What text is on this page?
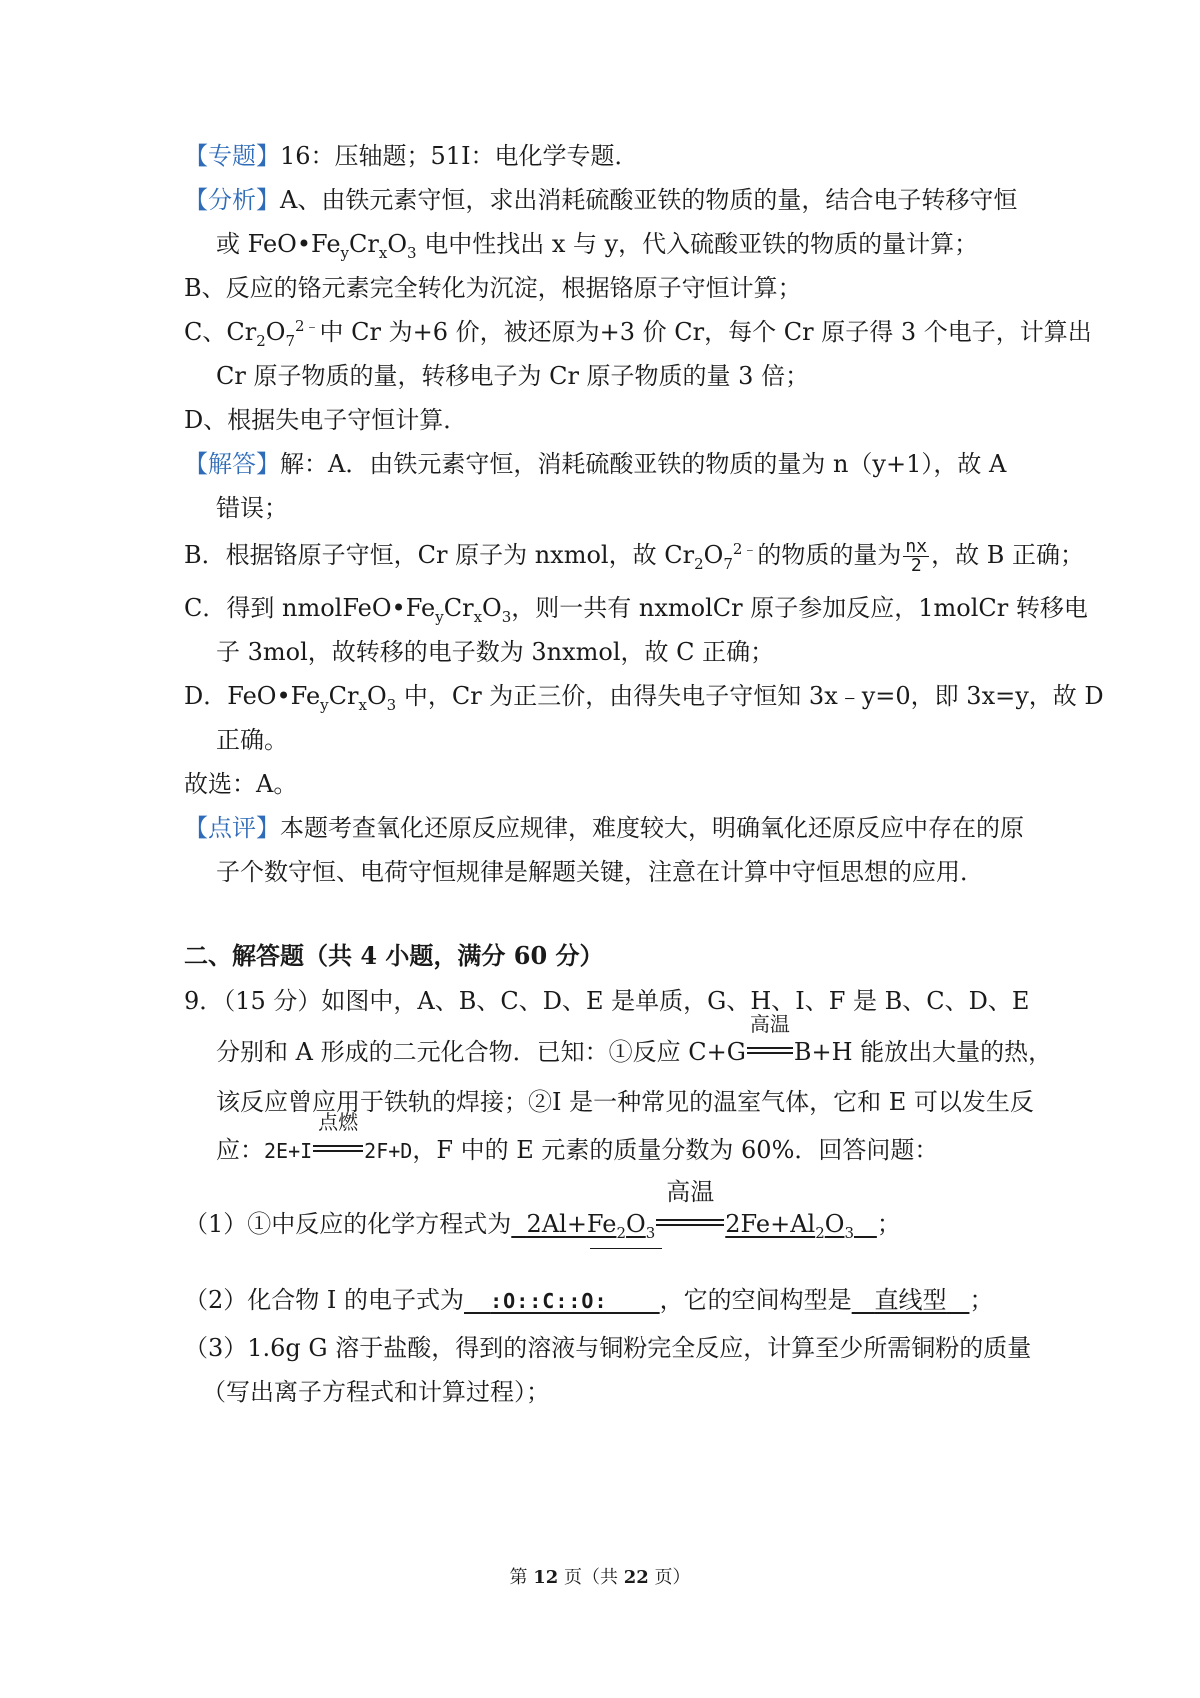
【专题】16：压轴题；51I：电化学专题．
【分析】A、由铁元素守恒，求出消耗硫酸亚铁的物质的量，结合电子转移守恒
或 $FeO•Fe_yCr_xO_3$ 电中性找出 x 与 y，代入硫酸亚铁的物质的量计算；
B、反应的铬元素完全转化为沉淀，根据铬原子守恒计算；
C、$Cr_2O_7^{2﹣}$中 Cr 为+6 价，被还原为+3 价 Cr，每个 Cr 原子得 3 个电子，计算出
Cr 原子物质的量，转移电子为 Cr 原子物质的量 3 倍；
D、根据失电子守恒计算．
【解答】解：A．由铁元素守恒，消耗硫酸亚铁的物质的量为 n（y+1），故 A
错误；
B．根据铬原子守恒，Cr 原子为 nxmol，故 $Cr_2O_7^{2﹣}$的物质的量为 $\frac{nx}{2}$ ，故 B 正确；
C．得到 $nmolFeO•Fe_yCr_xO_3$，则一共有 nxmolCr 原子参加反应，1molCr 转移电
子 3mol，故转移的电子数为 3nxmol，故 C 正确；
D．$FeO•Fe_yCr_xO_3$ 中，Cr 为正三价，由得失电子守恒知 3x﹣y=0，即 3x=y，故 D
正确。
故选：A。
【点评】本题考查氧化还原反应规律，难度较大，明确氧化还原反应中存在的原
子个数守恒、电荷守恒规律是解题关键，注意在计算中守恒思想的应用．
二、解答题（共 4 小题，满分 60 分）
9．（15 分）如图中，A、B、C、D、E 是单质，G、H、I、F 是 B、C、D、E
分别和 A 形成的二元化合物．已知：①反应 C+G
高温
B+H 能放出大量的热，
该反应曾应用于铁轨的焊接；②I 是一种常见的温室气体，它和 E 可以发生反
应：2E+I
点燃
2F+D，F 中的 E 元素的质量分数为 60%．回答问题：
（1）①中反应的化学方程式为 $2Al+Fe_2O_3$
高温
$2Fe+Al_2O_3$ ；
（2）化合物 I 的电子式为 :O::C::O: ，它的空间构型是 直线型 ；
（3）1.6g G 溶于盐酸，得到的溶液与铜粉完全反应，计算至少所需铜粉的质量
（写出离子方程式和计算过程）；
第 12 页（共 22 页）
